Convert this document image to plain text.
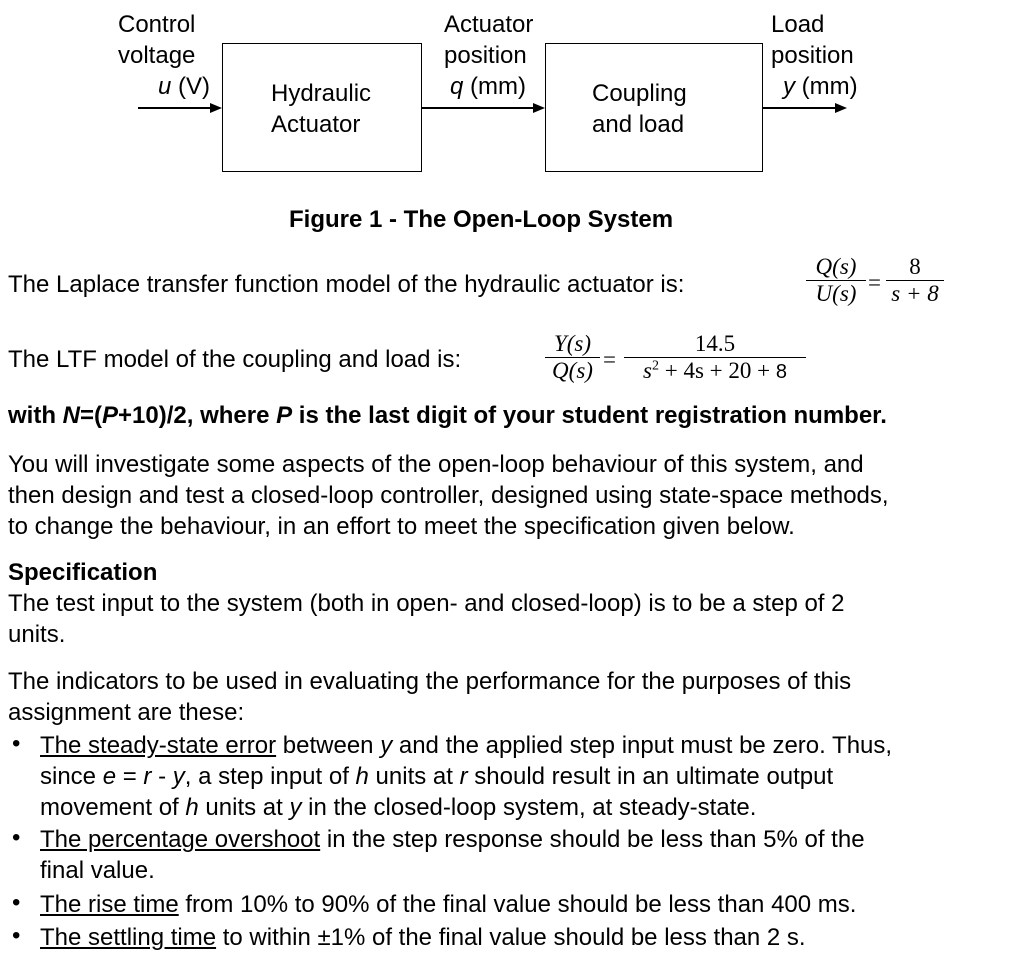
Control
voltage
u (V)	Hydraulic
Actuator
Actuator
position
q (mm)	Coupling
and load
Load
position
y (mm)
Figure 1 - The Open-Loop System
The Laplace transfer function model of the hydraulic actuator is:
Q(s)
U(s) =
8
s + 8
The LTF model of the coupling and load is:
Y(s)
Q(s) =
14.5
$s^2 + 4s + 20 + 8$
with N=(P+10)/2, where P is the last digit of your student registration number.
You will investigate some aspects of the open-loop behaviour of this system, and
then design and test a closed-loop controller, designed using state-space methods,
to change the behaviour, in an effort to meet the specification given below.
Specification
The test input to the system (both in open- and closed-loop) is to be a step of 2
units.
The indicators to be used in evaluating the performance for the purposes of this
assignment are these:
• The steady-state error between y and the applied step input must be zero. Thus,
since e = r - y, a step input of h units at r should result in an ultimate output
movement of h units at y in the closed-loop system, at steady-state.
• The percentage overshoot in the step response should be less than 5% of the
final value.
• The rise time from 10% to 90% of the final value should be less than 400 ms.
• The settling time to within ±1% of the final value should be less than 2 s.
